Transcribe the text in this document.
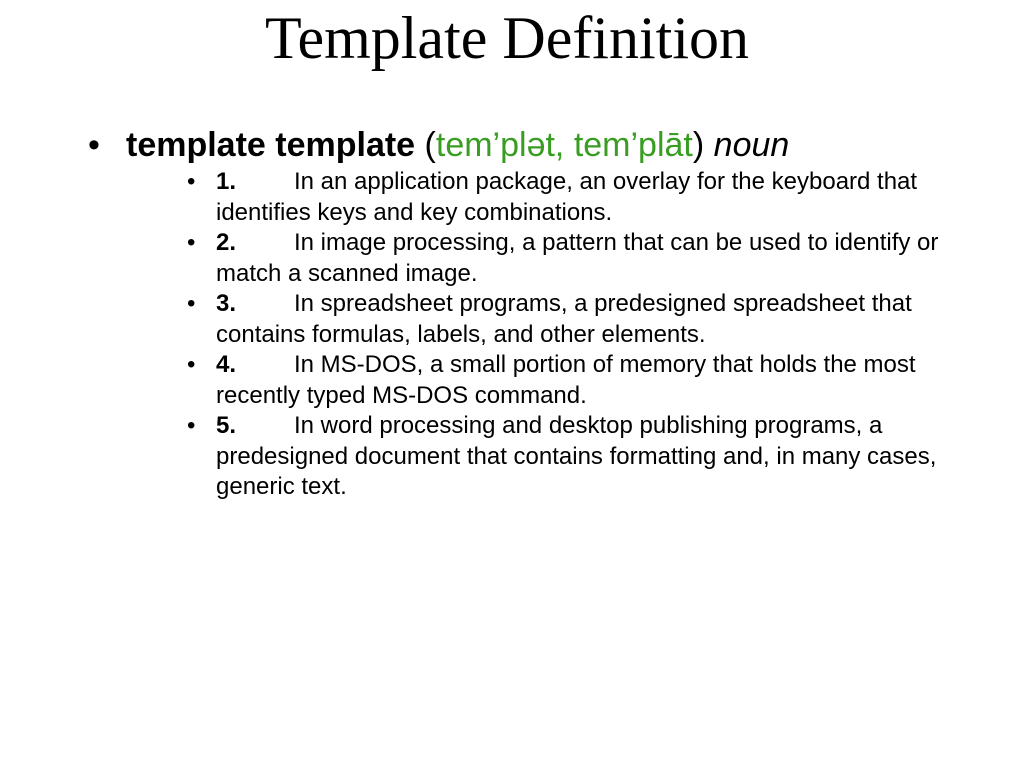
Template Definition
• template template (tem’plət, tem’plāt) noun
• 1. In an application package, an overlay for the keyboard that identifies keys and key combinations.
• 2. In image processing, a pattern that can be used to identify or match a scanned image.
• 3. In spreadsheet programs, a predesigned spreadsheet that contains formulas, labels, and other elements.
• 4. In MS-DOS, a small portion of memory that holds the most recently typed MS-DOS command.
• 5. In word processing and desktop publishing programs, a predesigned document that contains formatting and, in many cases, generic text.
